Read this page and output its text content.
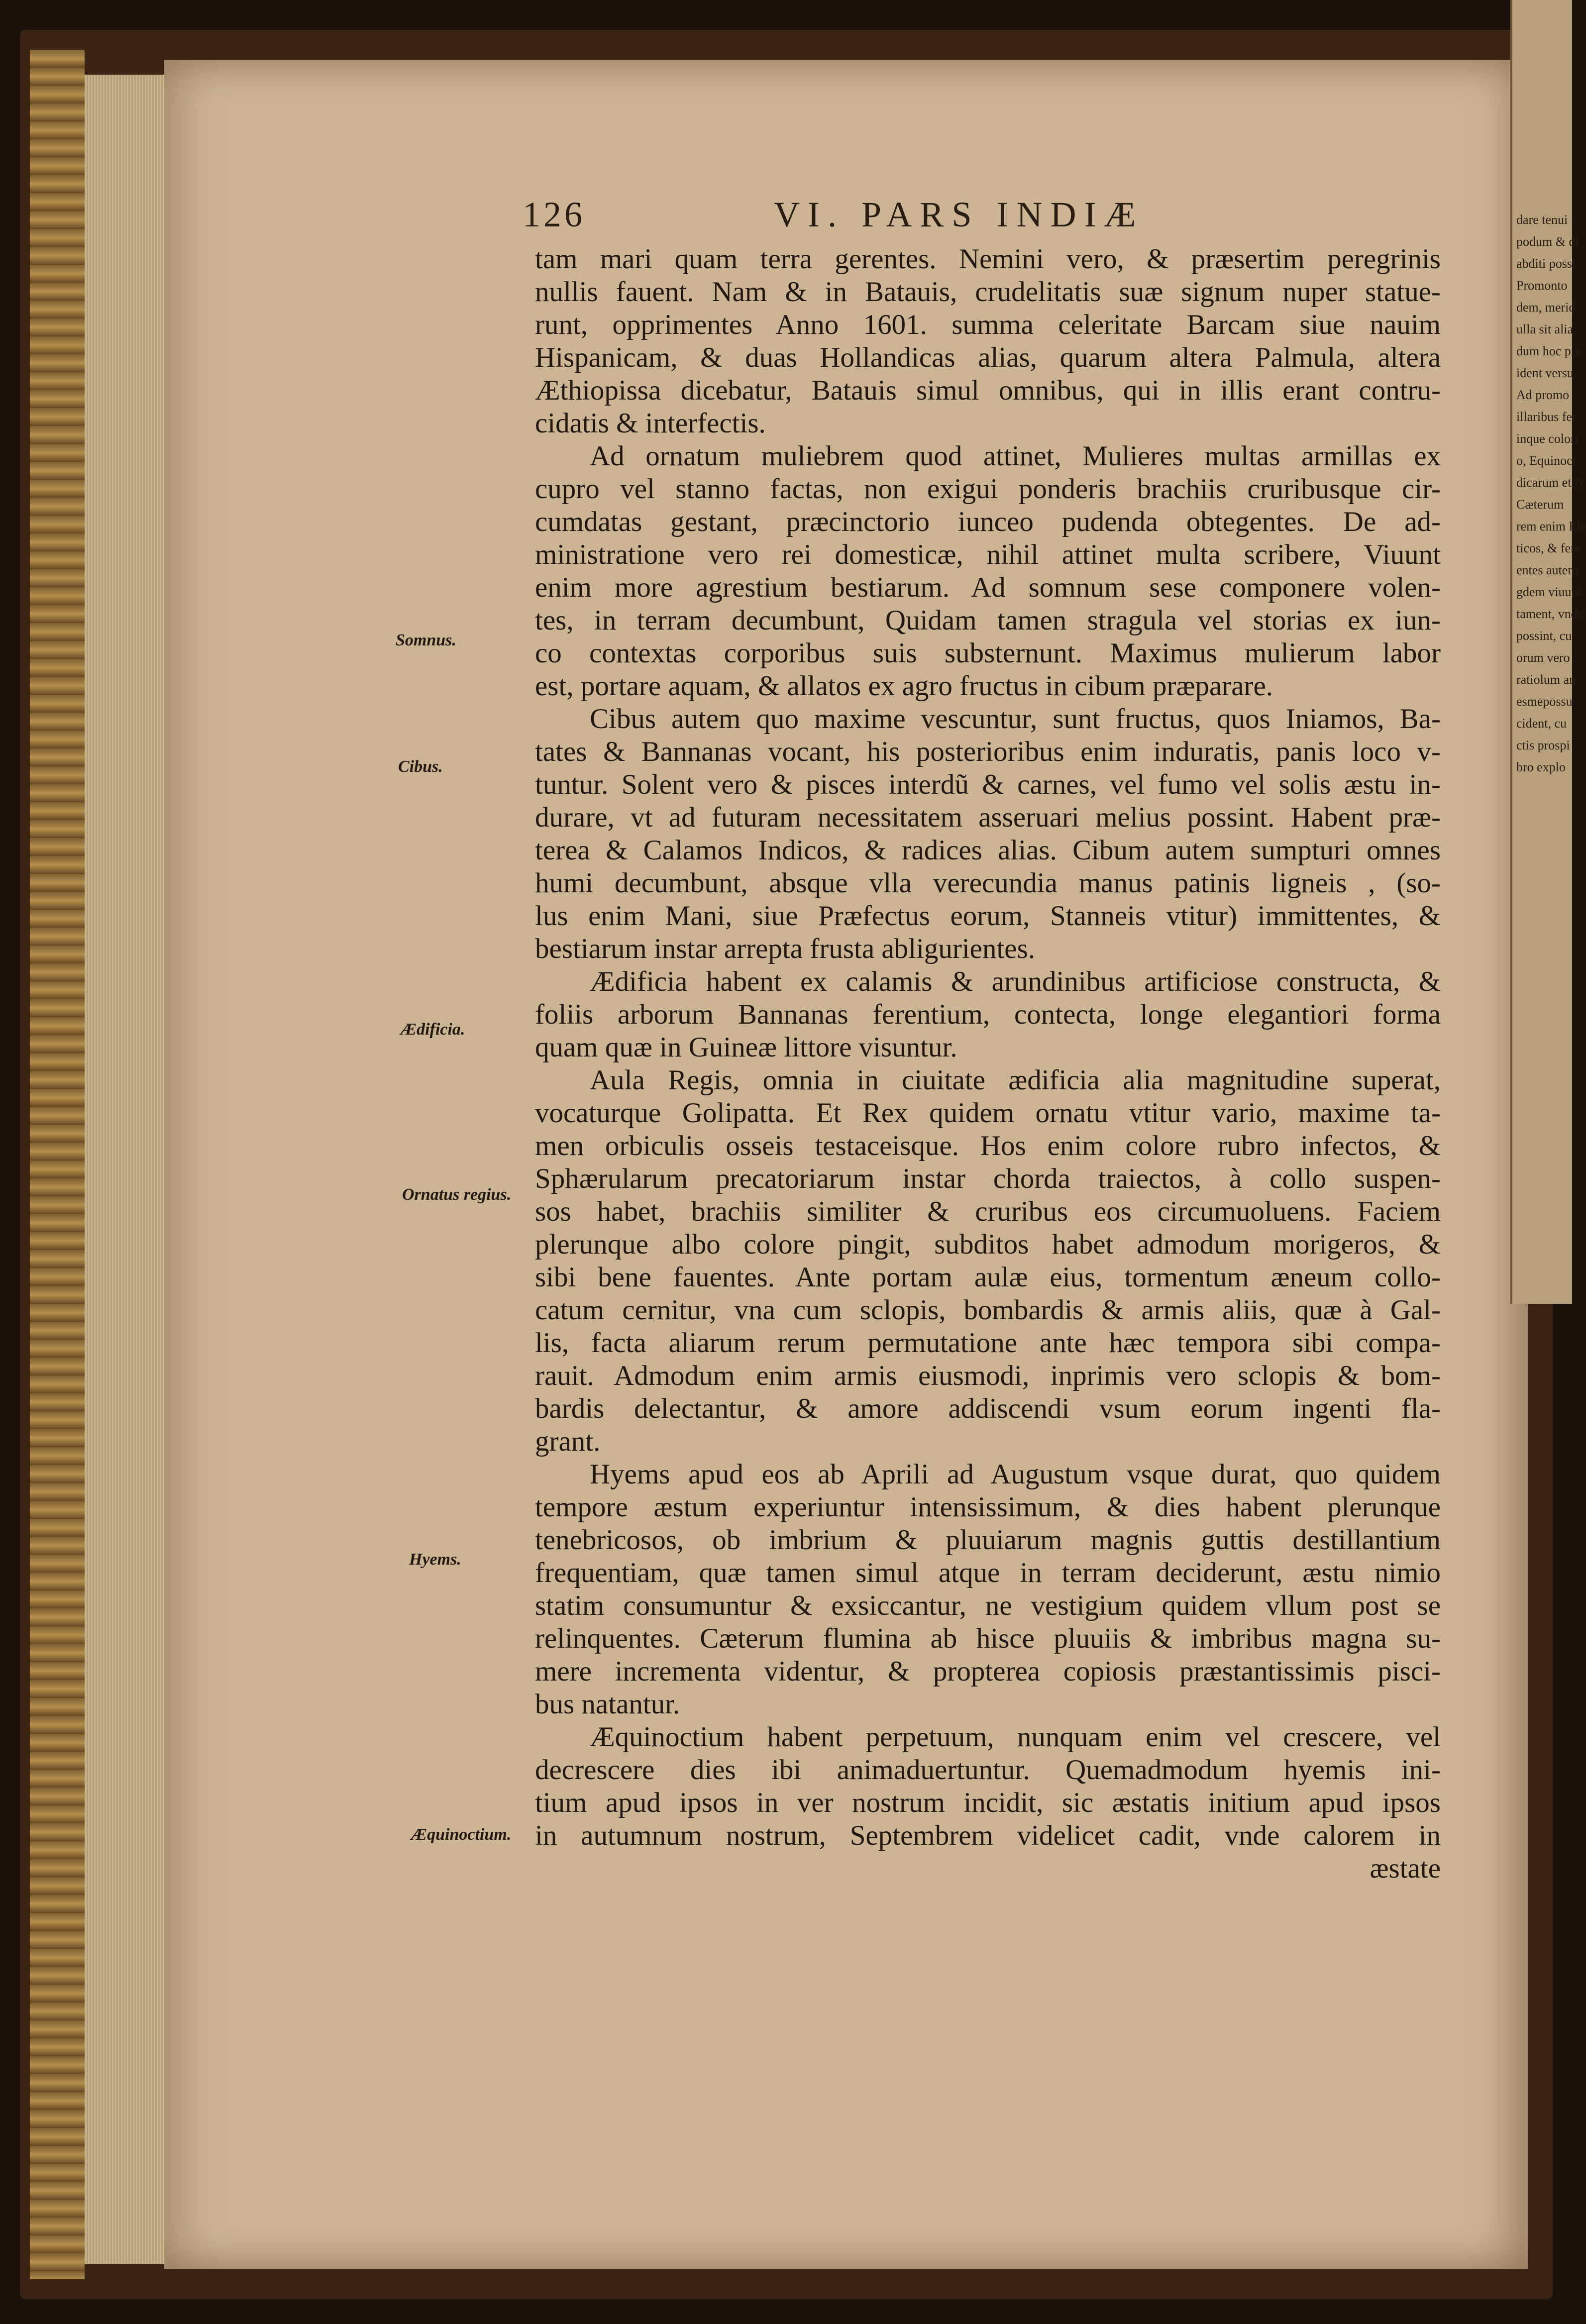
dare tenui
podum & di
abditi possi
Promonto
dem, merid
ulla sit alia,
dum hoc pro
ident versu
Ad promo
illaribus fer
inque colori
o, Equinoct
dicarum et N
Cæterum
rem enim Ele
ticos, & fere
entes autem
gdem viuunt
tament, vnde
possint, cu
orum vero
ratiolum an
esmepossu
cident, cu
ctis prospi
bro explo
126	VI. PARS INDIÆ
tam mari quam terra gerentes. Nemini vero, & præsertim peregrinis
nullis fauent. Nam & in Batauis, crudelitatis suæ signum nuper statue-
runt, opprimentes Anno 1601. summa celeritate Barcam siue nauim
Hispanicam, & duas Hollandicas alias, quarum altera Palmula, altera
Æthiopissa dicebatur, Batauis simul omnibus, qui in illis erant contru-
cidatis & interfectis.
Ad ornatum muliebrem quod attinet, Mulieres multas armillas ex
cupro vel stanno factas, non exigui ponderis brachiis cruribusque cir-
cumdatas gestant, præcinctorio iunceo pudenda obtegentes. De ad-
ministratione vero rei domesticæ, nihil attinet multa scribere, Viuunt
enim more agrestium bestiarum. Ad somnum sese componere volen-
tes, in terram decumbunt, Quidam tamen stragula vel storias ex iun-
co contextas corporibus suis substernunt. Maximus mulierum labor
est, portare aquam, & allatos ex agro fructus in cibum præparare.
Cibus autem quo maxime vescuntur, sunt fructus, quos Iniamos, Ba-
tates & Bannanas vocant, his posterioribus enim induratis, panis loco v-
tuntur. Solent vero & pisces interdũ & carnes, vel fumo vel solis æstu in-
durare, vt ad futuram necessitatem asseruari melius possint. Habent præ-
terea & Calamos Indicos, & radices alias. Cibum autem sumpturi omnes
humi decumbunt, absque vlla verecundia manus patinis ligneis , (so-
lus enim Mani, siue Præfectus eorum, Stanneis vtitur) immittentes, &
bestiarum instar arrepta frusta abligurientes.
Ædificia habent ex calamis & arundinibus artificiose constructa, &
foliis arborum Bannanas ferentium, contecta, longe elegantiori forma
quam quæ in Guineæ littore visuntur.
Aula Regis, omnia in ciuitate ædificia alia magnitudine superat,
vocaturque Golipatta. Et Rex quidem ornatu vtitur vario, maxime ta-
men orbiculis osseis testaceisque. Hos enim colore rubro infectos, &
Sphærularum precatoriarum instar chorda traiectos, à collo suspen-
sos habet, brachiis similiter & cruribus eos circumuoluens. Faciem
plerunque albo colore pingit, subditos habet admodum morigeros, &
sibi bene fauentes. Ante portam aulæ eius, tormentum æneum collo-
catum cernitur, vna cum sclopis, bombardis & armis aliis, quæ à Gal-
lis, facta aliarum rerum permutatione ante hæc tempora sibi compa-
rauit. Admodum enim armis eiusmodi, inprimis vero sclopis & bom-
bardis delectantur, & amore addiscendi vsum eorum ingenti fla-
grant.
Hyems apud eos ab Aprili ad Augustum vsque durat, quo quidem
tempore æstum experiuntur intensissimum, & dies habent plerunque
tenebricosos, ob imbrium & pluuiarum magnis guttis destillantium
frequentiam, quæ tamen simul atque in terram deciderunt, æstu nimio
statim consumuntur & exsiccantur, ne vestigium quidem vllum post se
relinquentes. Cæterum flumina ab hisce pluuiis & imbribus magna su-
mere incrementa videntur, & propterea copiosis præstantissimis pisci-
bus natantur.
Æquinoctium habent perpetuum, nunquam enim vel crescere, vel
decrescere dies ibi animaduertuntur. Quemadmodum hyemis ini-
tium apud ipsos in ver nostrum incidit, sic æstatis initium apud ipsos
in autumnum nostrum, Septembrem videlicet cadit, vnde calorem in
æstate
Somnus.
Cibus.
Ædificia.
Ornatus regius.
Hyems.
Æquinoctium.
